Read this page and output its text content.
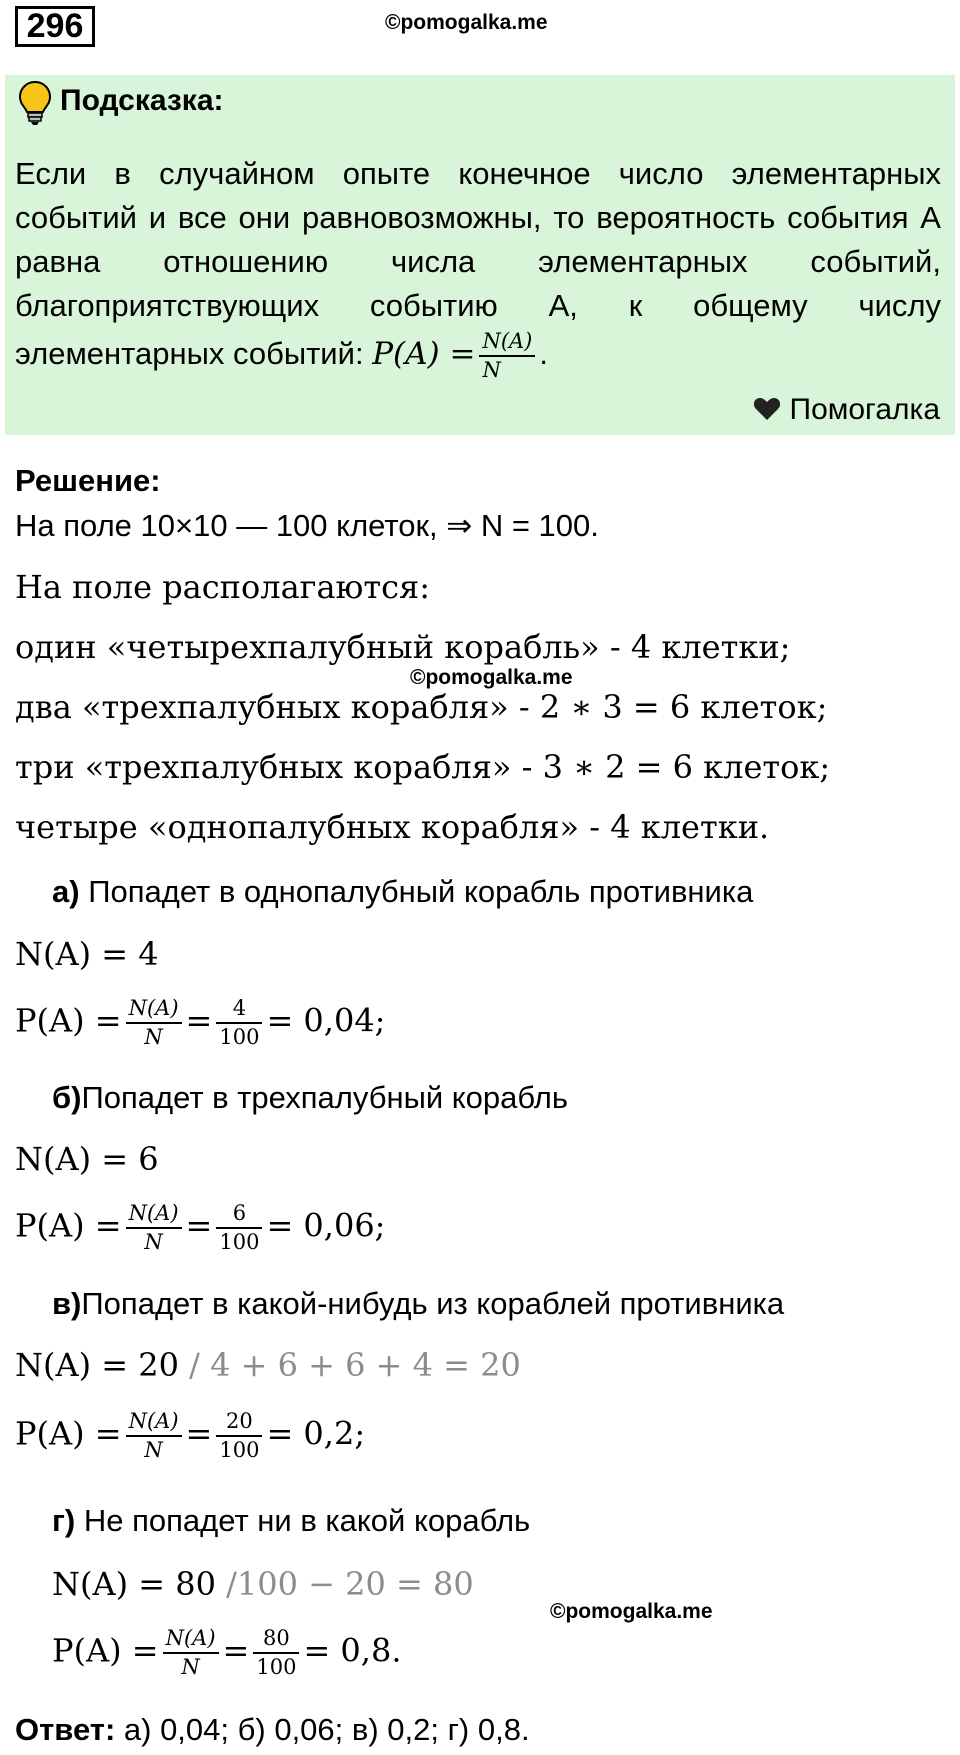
296	©pomogalka.me
Подсказка:
Если в случайном опыте конечное число элементарных событий и все они равновозможны, то вероятность события A равна отношению числа элементарных событий, благоприятствующих событию A, к общему числу элементарных событий: $P(A) = \frac{N(A)}{N}$ .
Помогалка
Решение:
На поле 10×10 — 100 клеток, ⇒ N = 100.
На поле располагаются:
один «четырехпалубный корабль» - 4 клетки;
©pomogalka.me
два «трехпалубных корабля» - 2 ∗ 3 = 6 клеток;
три «трехпалубных корабля» - 3 ∗ 2 = 6 клеток;
четыре «однопалубных корабля» - 4 клетки.
а) Попадет в однопалубный корабль противника
N(A) = 4
$P(A) = \frac{N(A)}{N} = \frac{4}{100} = 0,04$;
б)Попадет в трехпалубный корабль
N(A) = 6
$P(A) = \frac{N(A)}{N} = \frac{6}{100} = 0,06$;
в)Попадет в какой-нибудь из кораблей противника
N(A) = 20 / 4 + 6 + 6 + 4 = 20
$P(A) = \frac{N(A)}{N} = \frac{20}{100} = 0,2$;
г) Не попадет ни в какой корабль
N(A) = 80 /100 − 20 = 80
©pomogalka.me
$P(A) = \frac{N(A)}{N} = \frac{80}{100} = 0,8$.
Ответ: а) 0,04; б) 0,06; в) 0,2; г) 0,8.
